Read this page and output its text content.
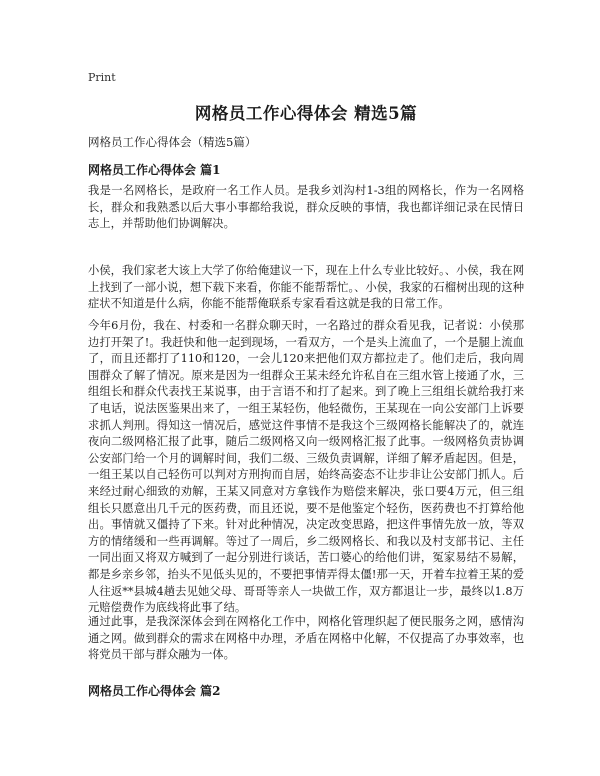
Print
网格员工作心得体会 精选5篇
网格员工作心得体会（精选5篇）
网格员工作心得体会 篇1
我是一名网格长，是政府一名工作人员。是我乡刘沟村1-3组的网格长，作为一名网格长，群众和我熟悉以后大事小事都给我说，群众反映的事情，我也都详细记录在民情日志上，并帮助他们协调解决。
小侯，我们家老大该上大学了你给俺建议一下，现在上什么专业比较好。、小侯，我在网上找到了一部小说，想下载下来看，你能不能帮帮忙。、小侯，我家的石榴树出现的这种症状不知道是什么病，你能不能帮俺联系专家看看这就是我的日常工作。
今年6月份，我在、村委和一名群众聊天时，一名路过的群众看见我，记者说：小侯那边打开架了!。我赶快和他一起到现场，一看双方，一个是头上流血了，一个是腿上流血了，而且还都打了110和120，一会儿120来把他们双方都拉走了。他们走后，我向周围群众了解了情况。原来是因为一组群众王某未经允许私自在三组水管上接通了水，三组组长和群众代表找王某说事，由于言语不和打了起来。到了晚上三组组长就给我打来了电话，说法医鉴果出来了，一组王某轻伤，他轻微伤，王某现在一向公安部门上诉要求抓人判刑。得知这一情况后，感觉这件事情不是我这个三级网格长能解决了的，就连夜向二级网格汇报了此事，随后二级网格又向一级网格汇报了此事。一级网格负责协调公安部门给一个月的调解时间，我们二级、三级负责调解，详细了解矛盾起因。但是，一组王某以自己轻伤可以判对方刑拘而自居，始终高姿态不让步非让公安部门抓人。后来经过耐心细致的劝解，王某又同意对方拿钱作为赔偿来解决，张口要4万元，但三组组长只愿意出几千元的医药费，而且还说，要不是他鉴定个轻伤，医药费也不打算给他出。事情就又僵持了下来。针对此种情况，决定改变思路，把这件事情先放一放，等双方的情绪缓和一些再调解。等过了一周后，乡二级网格长、和我以及村支部书记、主任一同出面又将双方喊到了一起分别进行谈话，苦口婆心的给他们讲，冤家易结不易解，都是乡亲乡邻，抬头不见低头见的，不要把事情弄得太僵!那一天，开着车拉着王某的爱人往返**县城4趟去见她父母、哥哥等亲人一块做工作，双方都退让一步，最终以1.8万元赔偿费作为底线将此事了结。
通过此事，是我深深体会到在网格化工作中，网格化管理织起了便民服务之网，感情沟通之网。做到群众的需求在网格中办理，矛盾在网格中化解，不仅提高了办事效率，也将党员干部与群众融为一体。
网格员工作心得体会 篇2
